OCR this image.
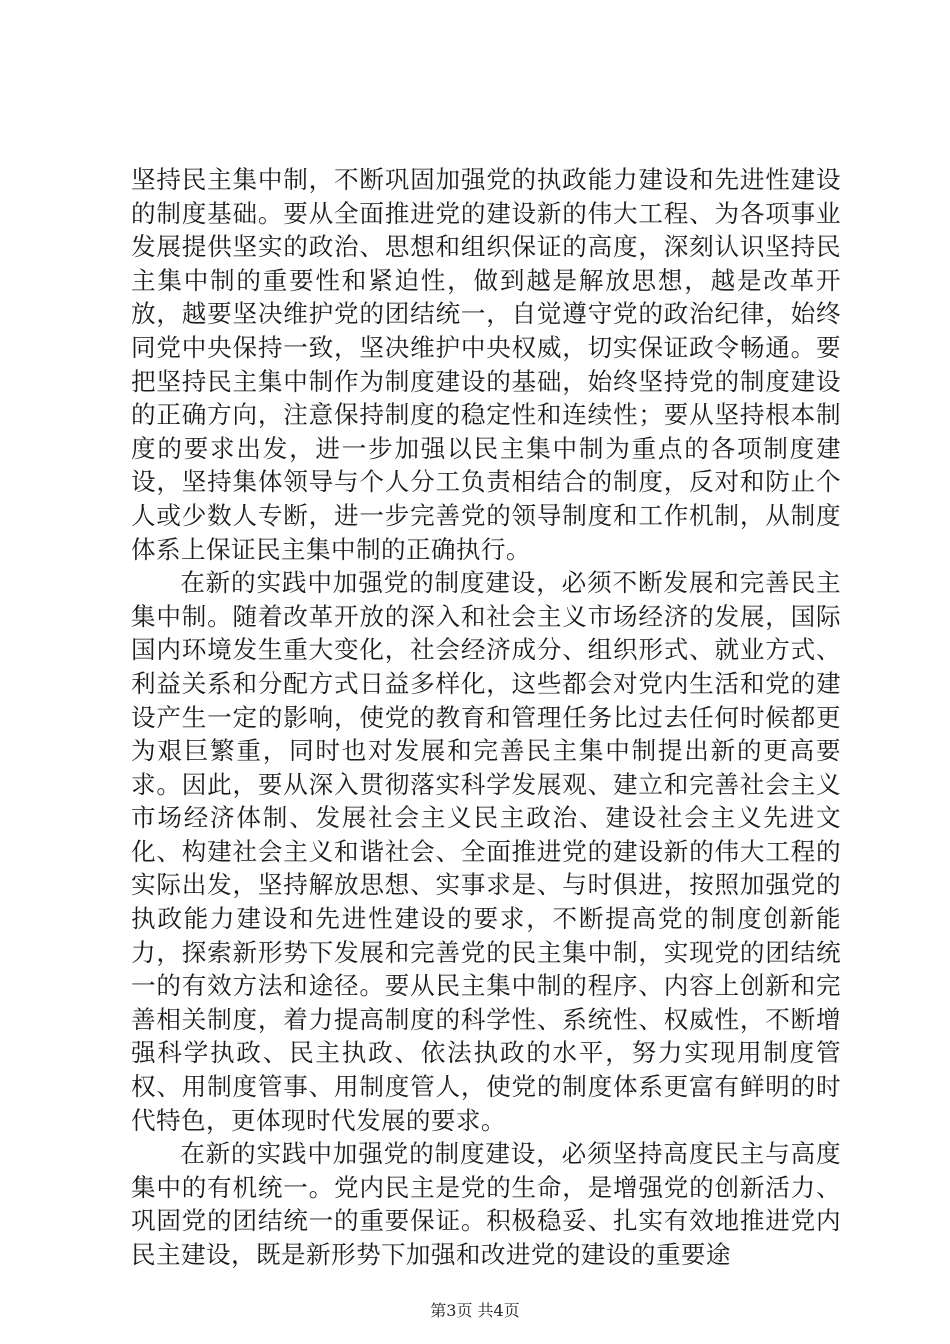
坚持民主集中制，不断巩固加强党的执政能力建设和先进性建设的制度基础。要从全面推进党的建设新的伟大工程、为各项事业发展提供坚实的政治、思想和组织保证的高度，深刻认识坚持民主集中制的重要性和紧迫性，做到越是解放思想，越是改革开放，越要坚决维护党的团结统一，自觉遵守党的政治纪律，始终同党中央保持一致，坚决维护中央权威，切实保证政令畅通。要把坚持民主集中制作为制度建设的基础，始终坚持党的制度建设的正确方向，注意保持制度的稳定性和连续性；要从坚持根本制度的要求出发，进一步加强以民主集中制为重点的各项制度建设，坚持集体领导与个人分工负责相结合的制度，反对和防止个人或少数人专断，进一步完善党的领导制度和工作机制，从制度体系上保证民主集中制的正确执行。

在新的实践中加强党的制度建设，必须不断发展和完善民主集中制。随着改革开放的深入和社会主义市场经济的发展，国际国内环境发生重大变化，社会经济成分、组织形式、就业方式、利益关系和分配方式日益多样化，这些都会对党内生活和党的建设产生一定的影响，使党的教育和管理任务比过去任何时候都更为艰巨繁重，同时也对发展和完善民主集中制提出新的更高要求。因此，要从深入贯彻落实科学发展观、建立和完善社会主义市场经济体制、发展社会主义民主政治、建设社会主义先进文化、构建社会主义和谐社会、全面推进党的建设新的伟大工程的实际出发，坚持解放思想、实事求是、与时俱进，按照加强党的执政能力建设和先进性建设的要求，不断提高党的制度创新能力，探索新形势下发展和完善党的民主集中制，实现党的团结统一的有效方法和途径。要从民主集中制的程序、内容上创新和完善相关制度，着力提高制度的科学性、系统性、权威性，不断增强科学执政、民主执政、依法执政的水平，努力实现用制度管权、用制度管事、用制度管人，使党的制度体系更富有鲜明的时代特色，更体现时代发展的要求。

在新的实践中加强党的制度建设，必须坚持高度民主与高度集中的有机统一。党内民主是党的生命，是增强党的创新活力、巩固党的团结统一的重要保证。积极稳妥、扎实有效地推进党内民主建设，既是新形势下加强和改进党的建设的重要途

第3页 共4页
